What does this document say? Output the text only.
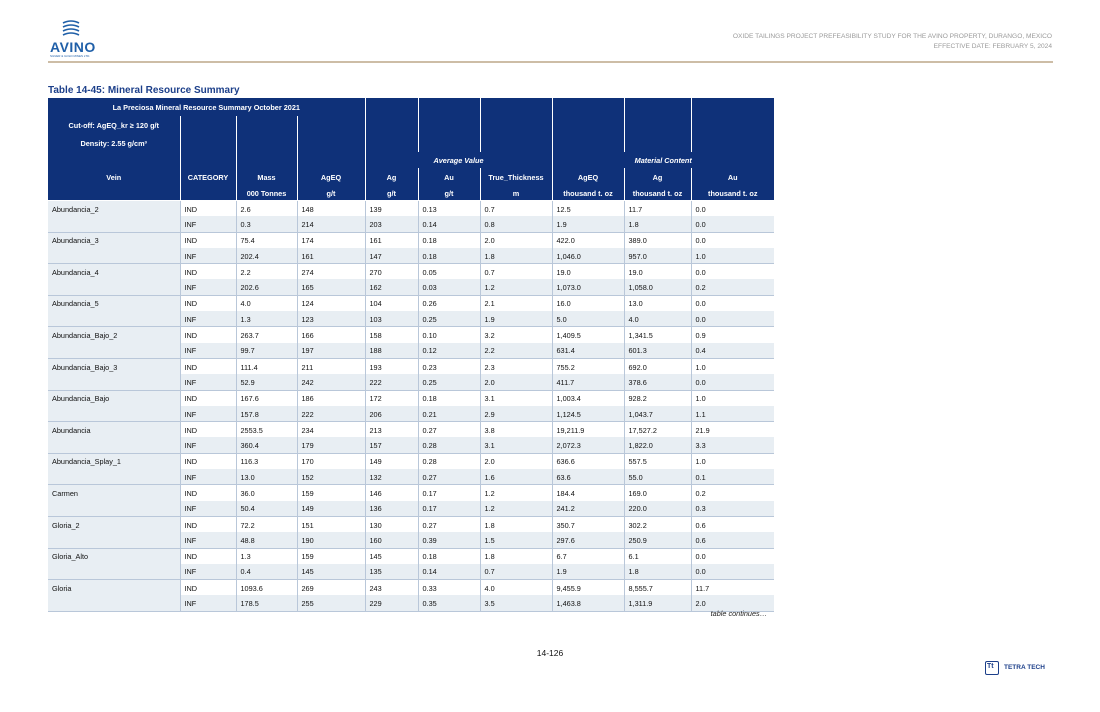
AVINO
SILVER & GOLD MINES LTD.
OXIDE TAILINGS PROJECT PREFEASIBILITY STUDY FOR THE AVINO PROPERTY, DURANGO, MEXICO
EFFECTIVE DATE: FEBRUARY 5, 2024
Table 14-45: Mineral Resource Summary
La Preciosa Mineral Resource Summary October 2021									
Cut-off: AgEQ_kr ≥ 120 g/t									
Density: 2.55 g/cm³									
				Average Value			Material Content		
Vein	CATEGORY	Mass	AgEQ	Ag	Au	True_Thickness	AgEQ	Ag	Au
		000 Tonnes	g/t	g/t	g/t	m	thousand t. oz	thousand t. oz	thousand t. oz
Abundancia_2	IND	2.6	148	139	0.13	0.7	12.5	11.7	0.0
	INF	0.3	214	203	0.14	0.8	1.9	1.8	0.0
Abundancia_3	IND	75.4	174	161	0.18	2.0	422.0	389.0	0.0
	INF	202.4	161	147	0.18	1.8	1,046.0	957.0	1.0
Abundancia_4	IND	2.2	274	270	0.05	0.7	19.0	19.0	0.0
	INF	202.6	165	162	0.03	1.2	1,073.0	1,058.0	0.2
Abundancia_5	IND	4.0	124	104	0.26	2.1	16.0	13.0	0.0
	INF	1.3	123	103	0.25	1.9	5.0	4.0	0.0
Abundancia_Bajo_2	IND	263.7	166	158	0.10	3.2	1,409.5	1,341.5	0.9
	INF	99.7	197	188	0.12	2.2	631.4	601.3	0.4
Abundancia_Bajo_3	IND	111.4	211	193	0.23	2.3	755.2	692.0	1.0
	INF	52.9	242	222	0.25	2.0	411.7	378.6	0.0
Abundancia_Bajo	IND	167.6	186	172	0.18	3.1	1,003.4	928.2	1.0
	INF	157.8	222	206	0.21	2.9	1,124.5	1,043.7	1.1
Abundancia	IND	2553.5	234	213	0.27	3.8	19,211.9	17,527.2	21.9
	INF	360.4	179	157	0.28	3.1	2,072.3	1,822.0	3.3
Abundancia_Splay_1	IND	116.3	170	149	0.28	2.0	636.6	557.5	1.0
	INF	13.0	152	132	0.27	1.6	63.6	55.0	0.1
Carmen	IND	36.0	159	146	0.17	1.2	184.4	169.0	0.2
	INF	50.4	149	136	0.17	1.2	241.2	220.0	0.3
Gloria_2	IND	72.2	151	130	0.27	1.8	350.7	302.2	0.6
	INF	48.8	190	160	0.39	1.5	297.6	250.9	0.6
Gloria_Alto	IND	1.3	159	145	0.18	1.8	6.7	6.1	0.0
	INF	0.4	145	135	0.14	0.7	1.9	1.8	0.0
Gloria	IND	1093.6	269	243	0.33	4.0	9,455.9	8,555.7	11.7
	INF	178.5	255	229	0.35	3.5	1,463.8	1,311.9	2.0
table continues…
14-126
Tt TETRA TECH
